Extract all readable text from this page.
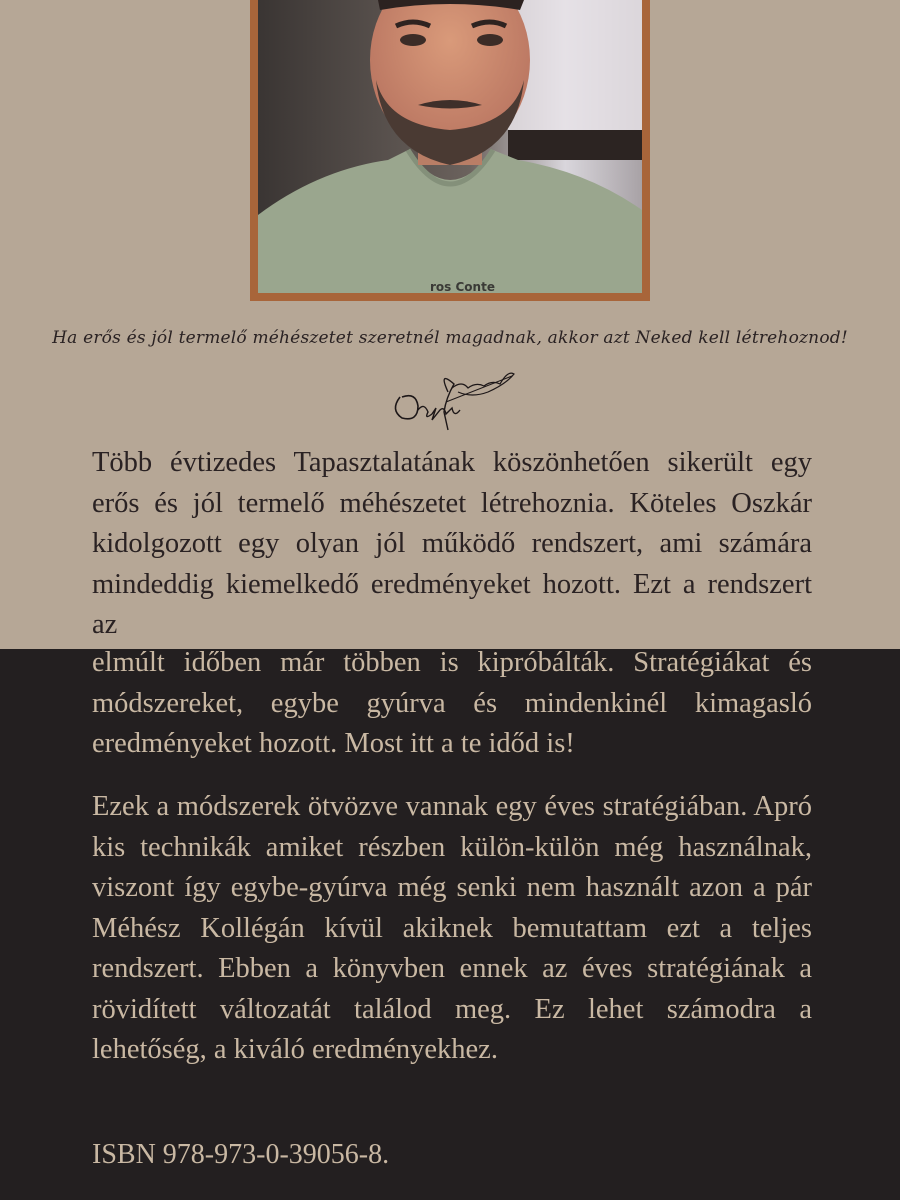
ros Conte
Ha erős és jól termelő méhészetet szeretnél magadnak, akkor azt Neked kell létrehoznod!
Több évtizedes Tapasztalatának köszönhetően sikerült egy erős és jól termelő méhészetet létrehoznia. Köteles Oszkár kidolgozott egy olyan jól működő rendszert, ami számára mindeddig kiemelkedő eredményeket hozott. Ezt a rendszert az
elmúlt időben már többen is kipróbálták. Stratégiákat és módszereket, egybe gyúrva és mindenkinél kimagasló eredményeket hozott. Most itt a te időd is!
Ezek a módszerek ötvözve vannak egy éves stratégiában. Apró kis technikák amiket részben külön-külön még használnak, viszont így egybe-gyúrva még senki nem használt azon a pár Méhész Kollégán kívül akiknek bemutattam ezt a teljes rendszert. Ebben a könyvben ennek az éves stratégiának a rövidített változatát találod meg. Ez lehet számodra a lehetőség, a kiváló eredményekhez.
ISBN 978-973-0-39056-8.
